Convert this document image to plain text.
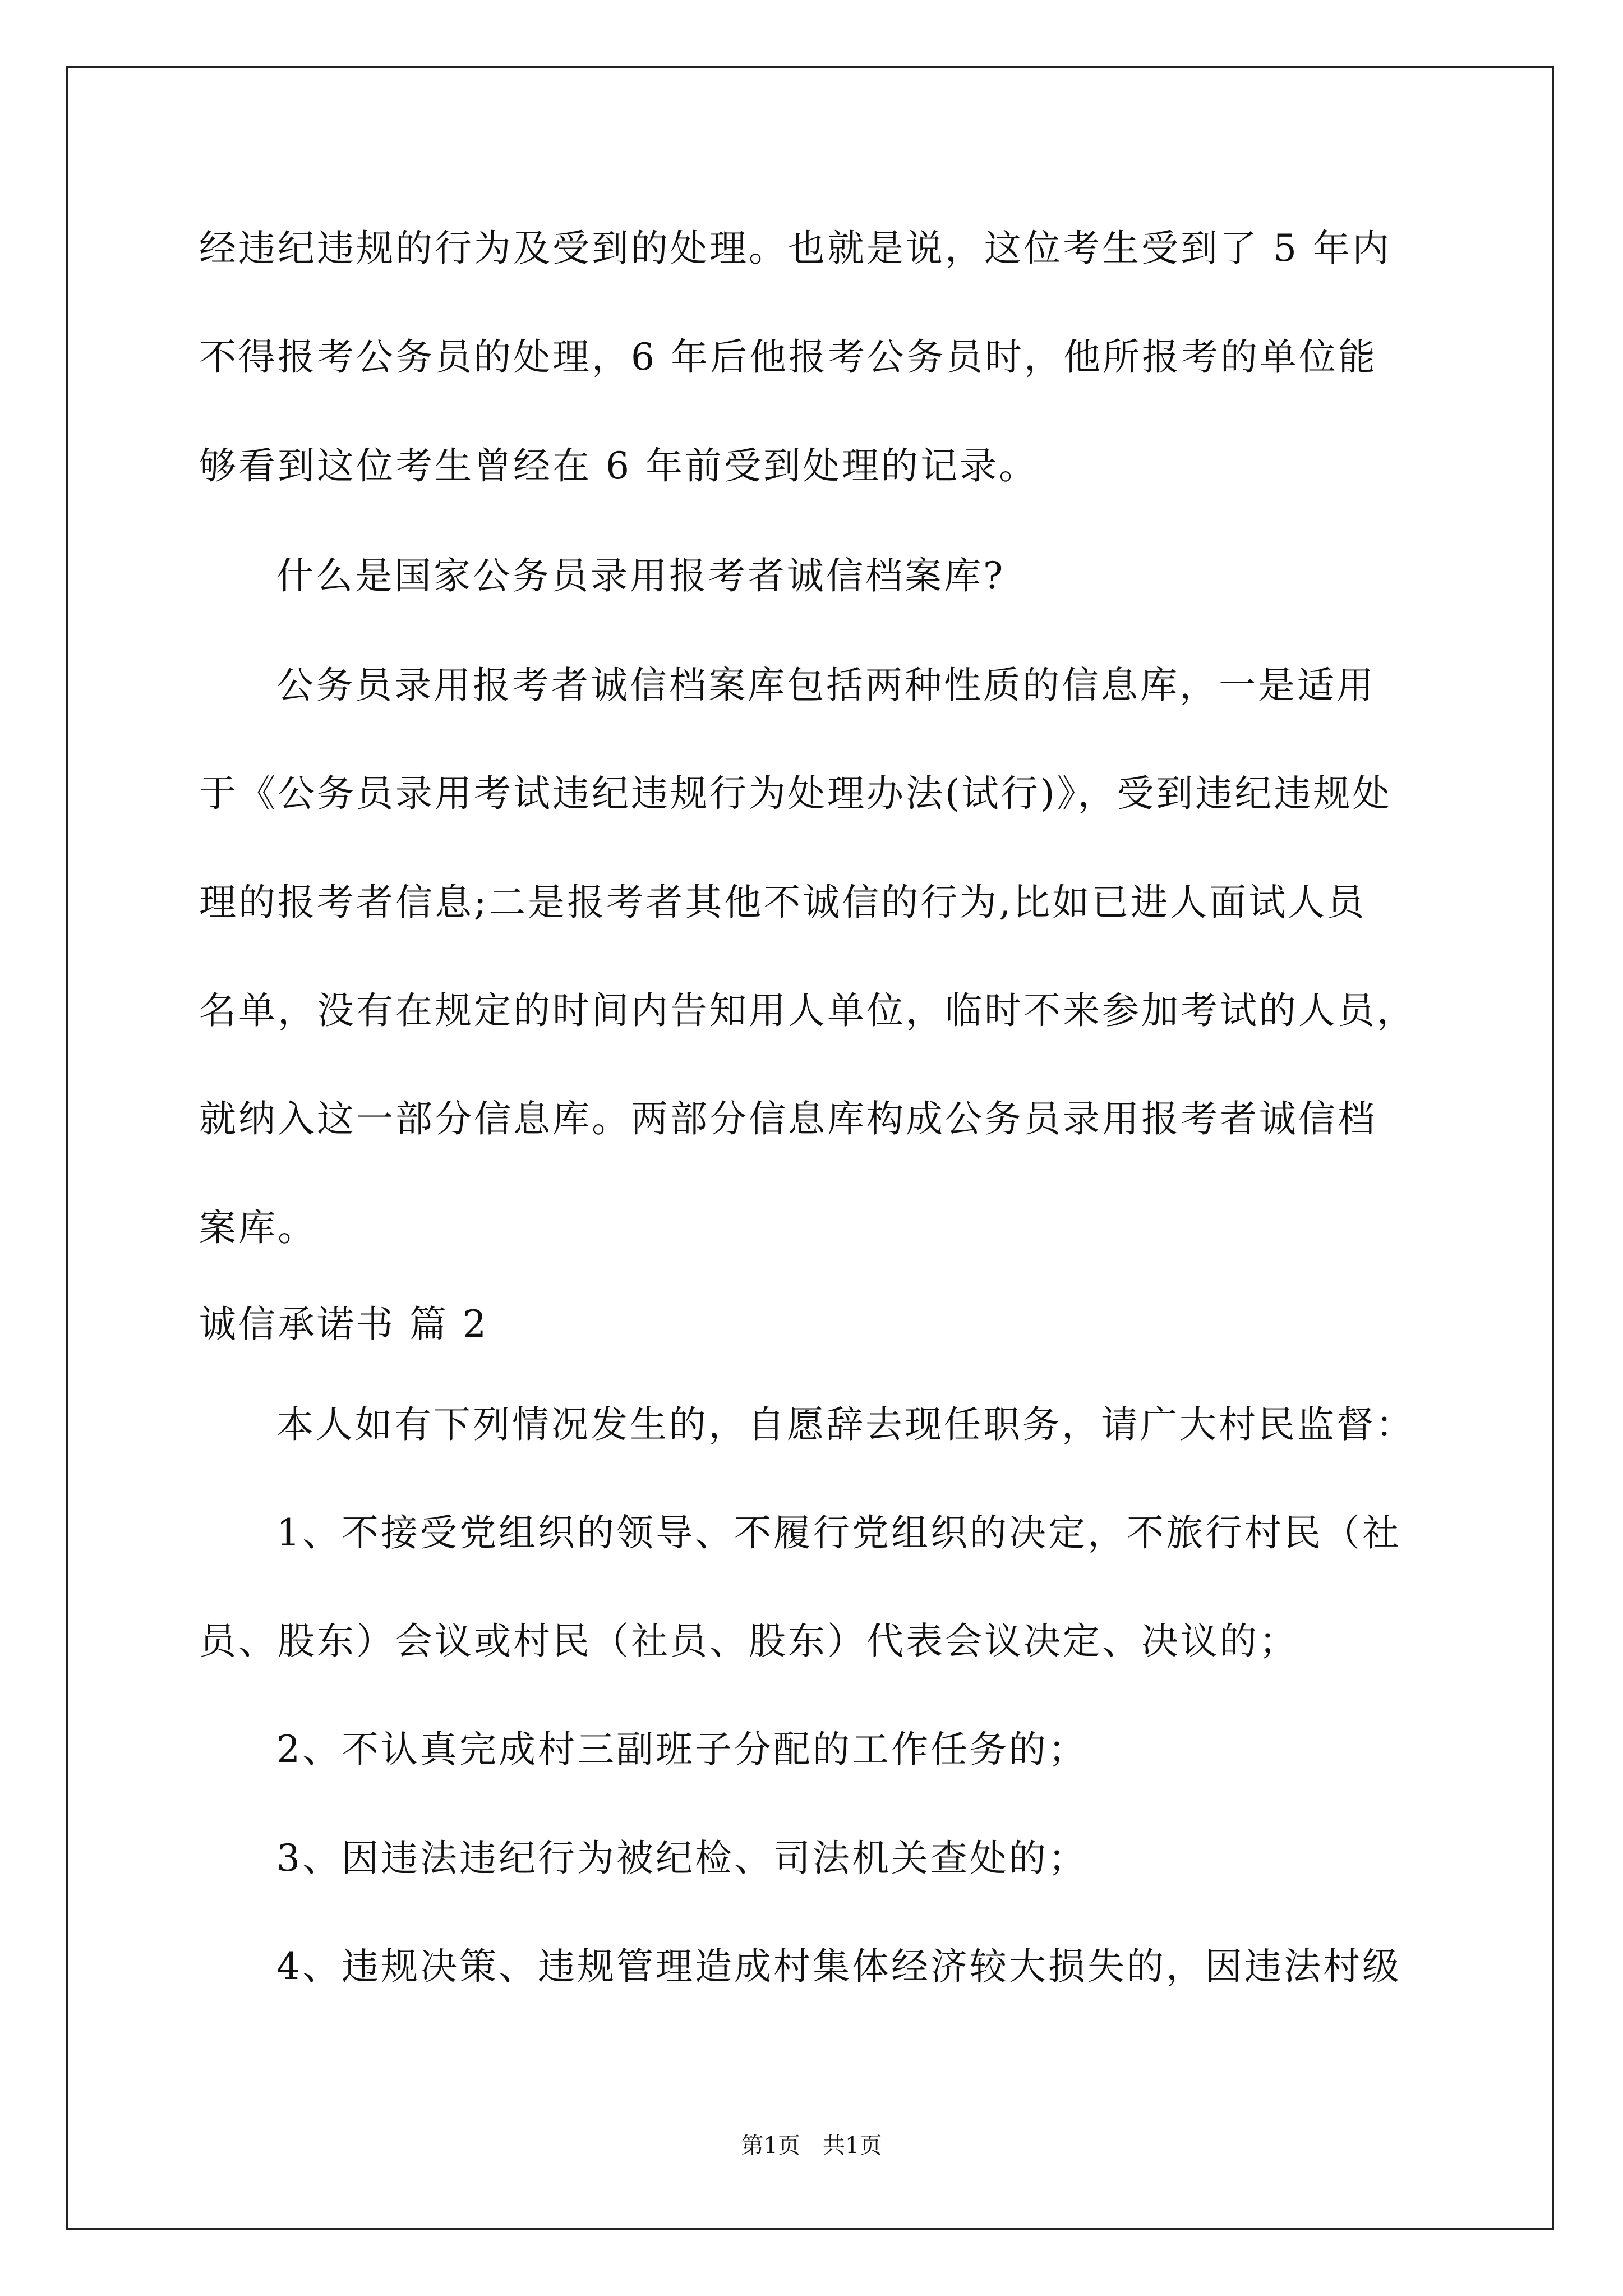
经违纪违规的行为及受到的处理。也就是说，这位考生受到了 5 年内
不得报考公务员的处理，6 年后他报考公务员时，他所报考的单位能
够看到这位考生曾经在 6 年前受到处理的记录。
什么是国家公务员录用报考者诚信档案库?
公务员录用报考者诚信档案库包括两种性质的信息库，一是适用
于《公务员录用考试违纪违规行为处理办法(试行)》，受到违纪违规处
理的报考者信息;二是报考者其他不诚信的行为,比如已进人面试人员
名单，没有在规定的时间内告知用人单位，临时不来参加考试的人员，
就纳入这一部分信息库。两部分信息库构成公务员录用报考者诚信档
案库。
诚信承诺书 篇 2
本人如有下列情况发生的，自愿辞去现任职务，请广大村民监督：
1、不接受党组织的领导、不履行党组织的决定，不旅行村民（社
员、股东）会议或村民（社员、股东）代表会议决定、决议的；
2、不认真完成村三副班子分配的工作任务的；
3、因违法违纪行为被纪检、司法机关查处的；
4、违规决策、违规管理造成村集体经济较大损失的，因违法村级
第1页　共1页
